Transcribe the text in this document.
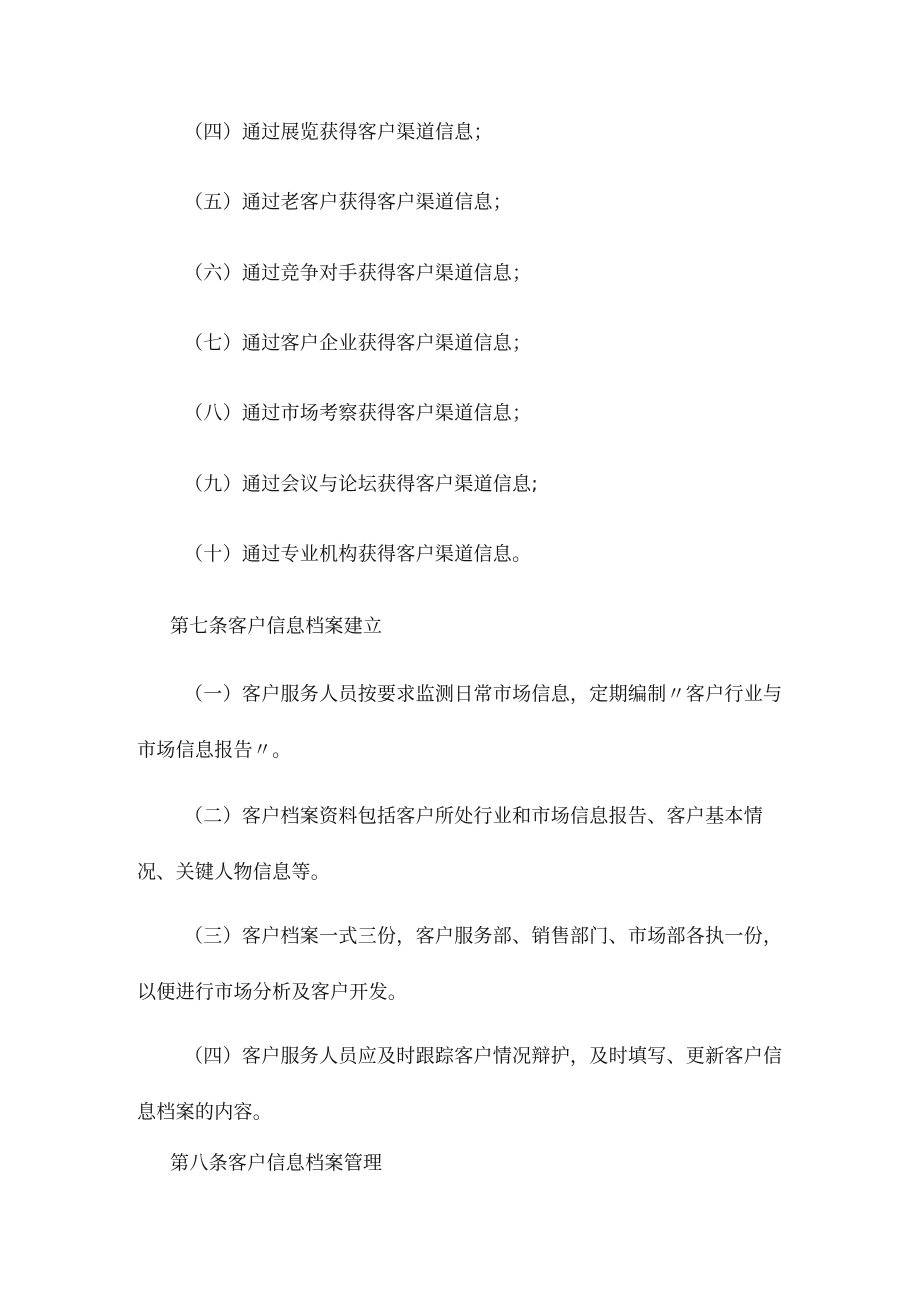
（四）通过展览获得客户渠道信息；
（五）通过老客户获得客户渠道信息；
（六）通过竞争对手获得客户渠道信息；
（七）通过客户企业获得客户渠道信息；
（八）通过市场考察获得客户渠道信息；
（九）通过会议与论坛获得客户渠道信息;
（十）通过专业机构获得客户渠道信息。
第七条客户信息档案建立
（一）客户服务人员按要求监测日常市场信息，定期编制〃客户行业与市场信息报告〃。
（二）客户档案资料包括客户所处行业和市场信息报告、客户基本情况、关键人物信息等。
（三）客户档案一式三份，客户服务部、销售部门、市场部各执一份，以便进行市场分析及客户开发。
（四）客户服务人员应及时跟踪客户情况辩护，及时填写、更新客户信息档案的内容。
第八条客户信息档案管理
